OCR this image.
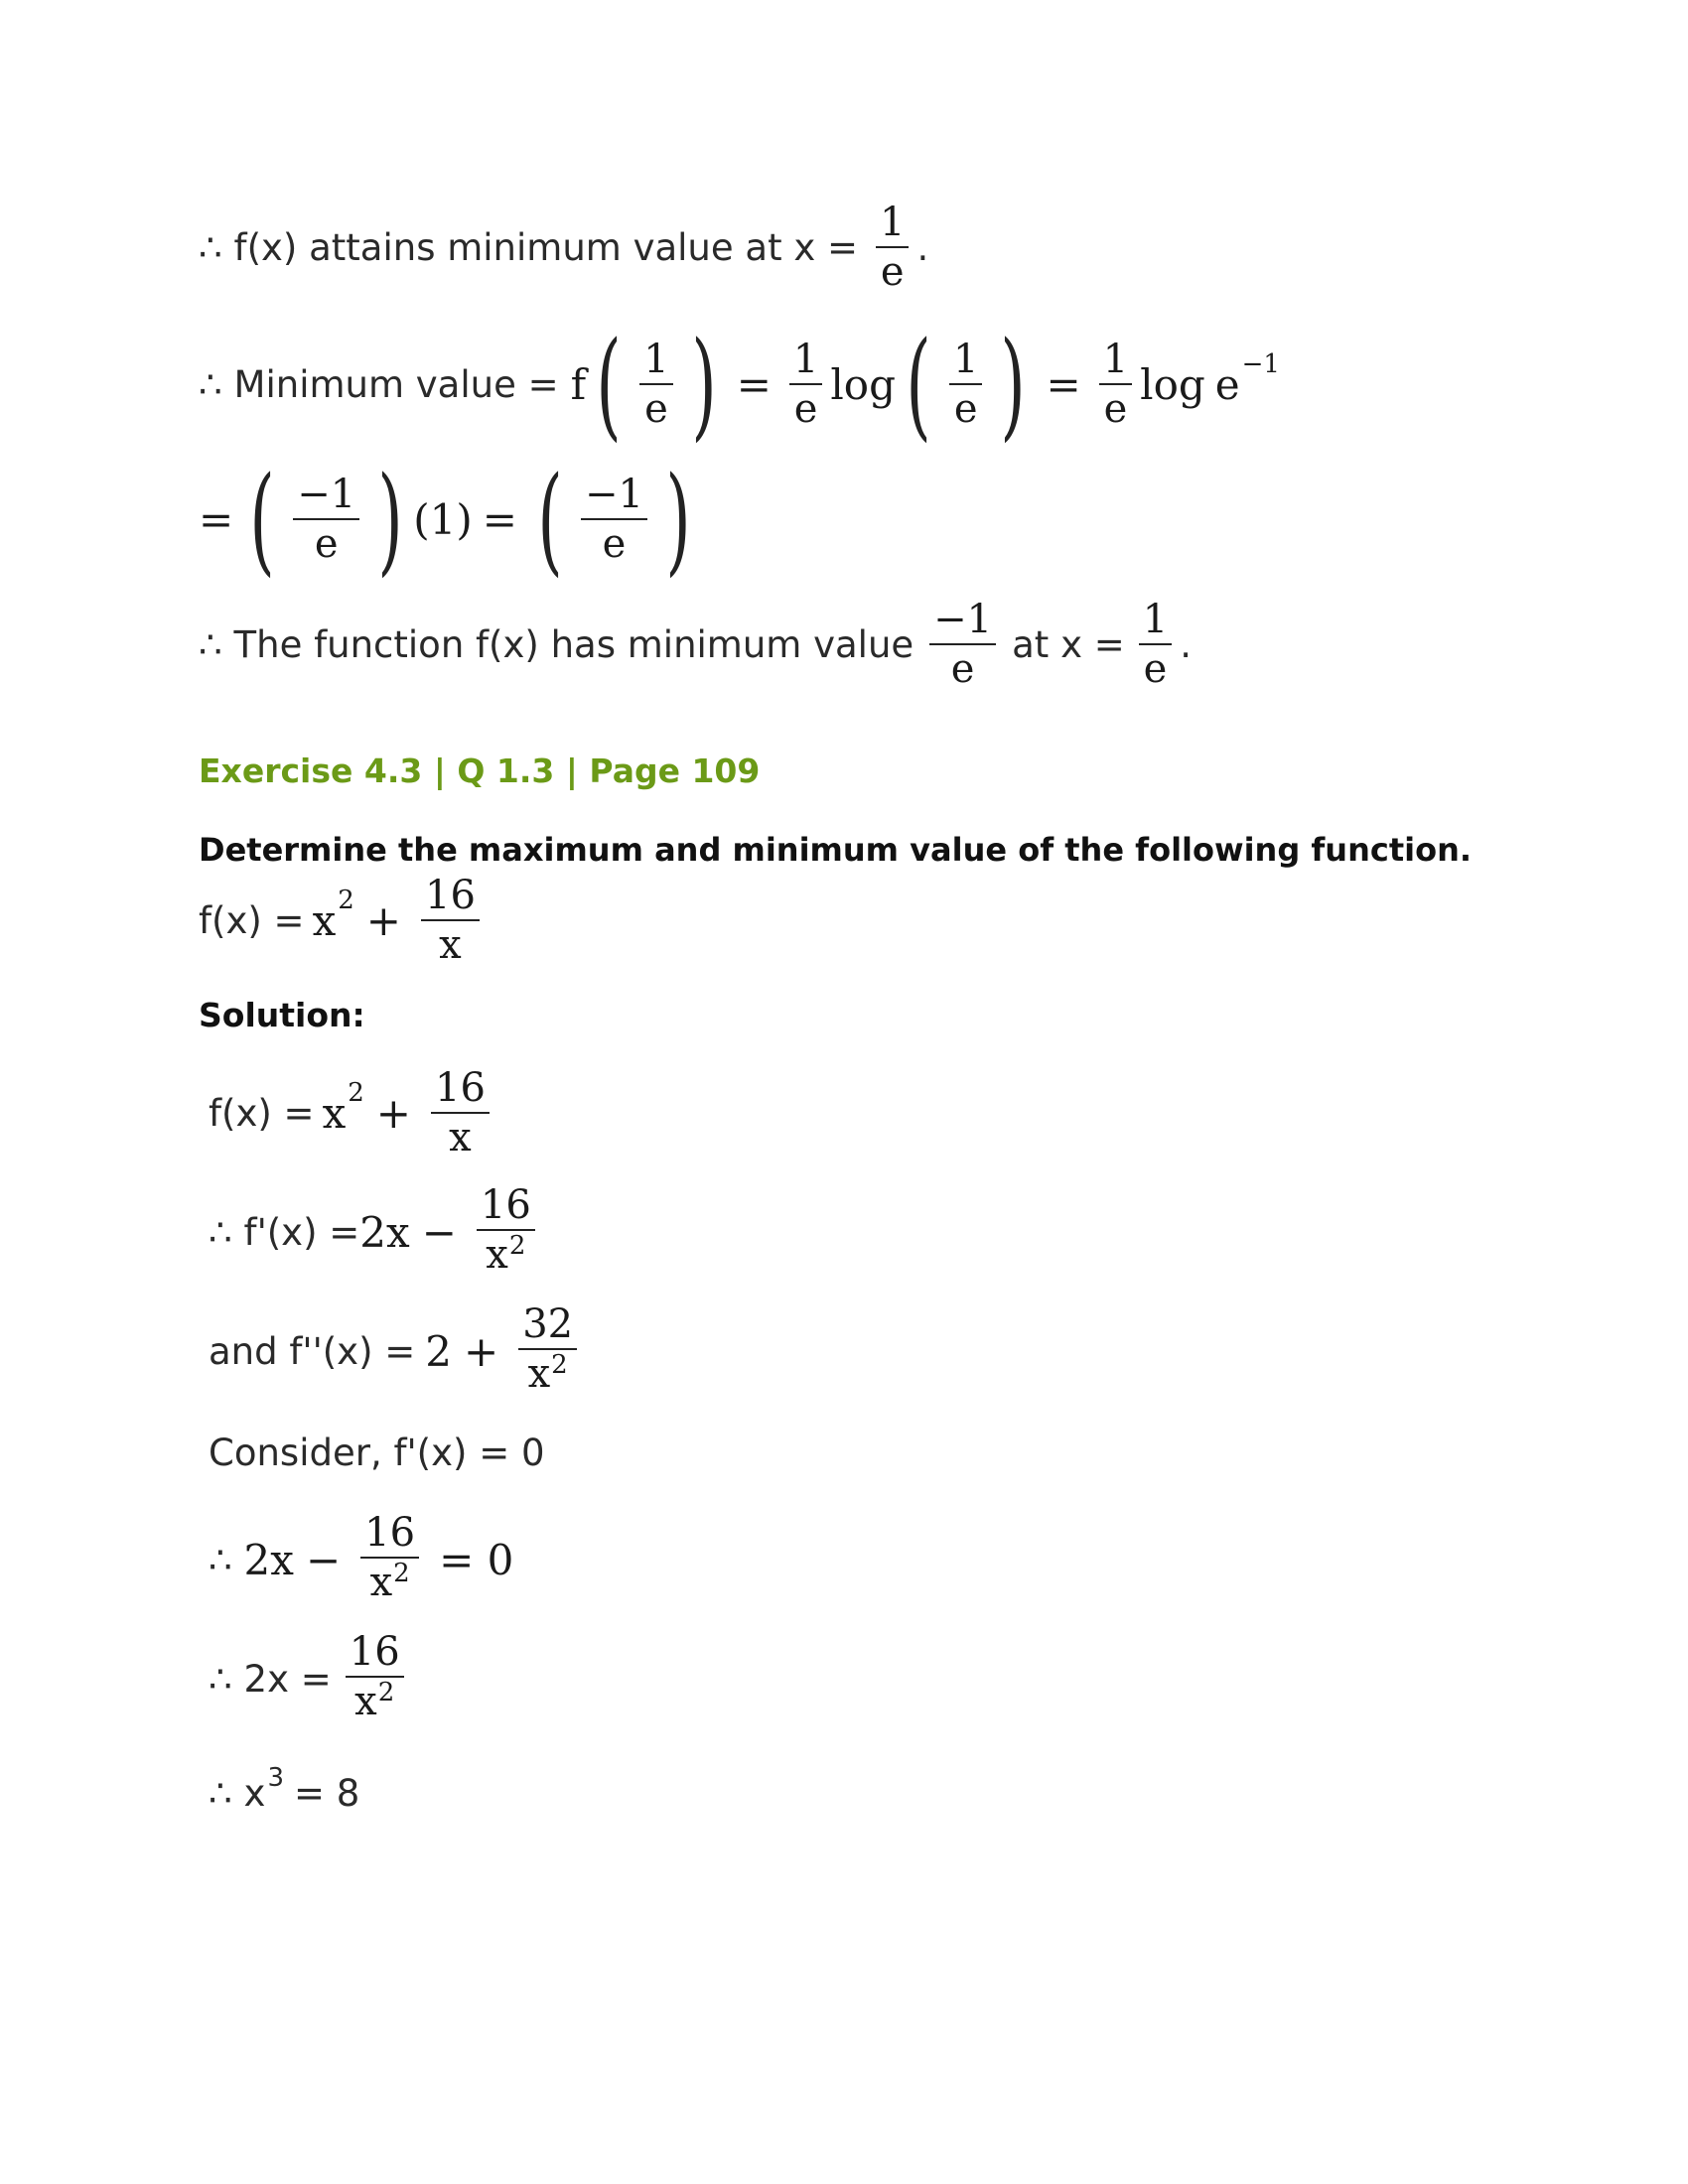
∴ f(x) attains minimum value at x =
1
e
.
∴ Minimum value = f ( 1
e ) =
1
e
log ( 1
e ) =
1
e
log e −1
= ( −1
e ) (1) = ( −1
e )
∴ The function f(x) has minimum value
−1
e
at x =
1
e
.
Exercise 4.3 | Q 1.3 | Page 109
Determine the maximum and minimum value of the following function.
f(x) = x 2 +
16
x
Solution:
f(x) = x 2 +
16
x
∴ f'(x) = 2x −
16
$x^2$
and f''(x) = 2 +
32
$x^2$
Consider, f'(x) = 0
∴ 2x −
16
$x^2 = 0$
∴ 2x =
16
$x^2$
∴ x 3 = 8
